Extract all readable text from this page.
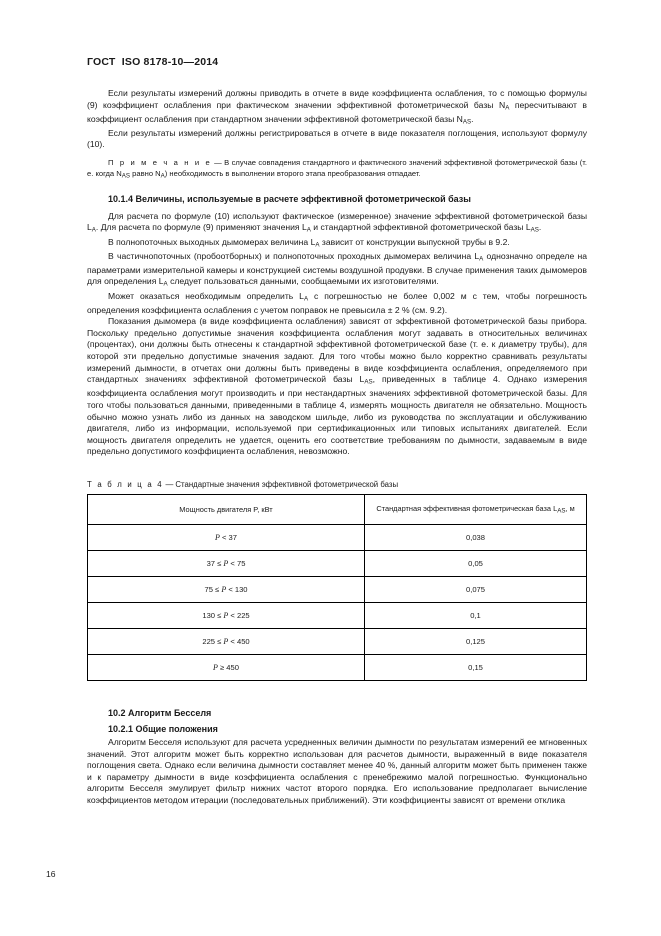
ГОСТ  ISO 8178-10—2014

Если результаты измерений должны приводить в отчете в виде коэффициента ослабления, то с помощью формулы (9) коэффициент ослабления при фактическом значении эффективной фотометрической базы $N_A$ пересчитывают в коэффициент ослабления при стандартном значении эффективной фотометрической базы $N_{AS}$.

Если результаты измерений должны регистрироваться в отчете в виде показателя поглощения, используют формулу (10).

П р и м е ч а н и е — В случае совпадения стандартного и фактического значений эффективной фотометрической базы (т. е. когда $N_{AS}$ равно $N_A$) необходимость в выполнении второго этапа преобразования отпадает.

10.1.4 Величины, используемые в расчете эффективной фотометрической базы

Для расчета по формуле (10) используют фактическое (измеренное) значение эффективной фотометрической базы $L_A$. Для расчета по формуле (9) применяют значения $L_A$ и стандартной эффективной фотометрической базы $L_{AS}$.

В полнопоточных выходных дымомерах величина $L_A$ зависит от конструкции выпускной трубы в 9.2.

В частичнопоточных (пробоотборных) и полнопоточных проходных дымомерах величина $L_A$ однозначно определе на параметрами измерительной камеры и конструкцией системы воздушной продувки. В случае применения таких дымомеров для определения $L_A$ следует пользоваться данными, сообщаемыми их изготовителями.

Может оказаться необходимым определить $L_A$ с погрешностью не более 0,002 м с тем, чтобы погрешность определения коэффициента ослабления с учетом поправок не превысила ± 2 % (см. 9.2).

Показания дымомера (в виде коэффициента ослабления) зависят от эффективной фотометрической базы прибора. Поскольку предельно допустимые значения коэффициента ослабления могут задавать в относительных величинах (процентах), они должны быть отнесены к стандартной эффективной фотометрической базе (т. е. к диаметру трубы), для которой эти предельно допустимые значения задают. Для того чтобы можно было корректно сравнивать результаты измерений дымности, в отчетах они должны быть приведены в виде коэффициента ослабления, определяемого при стандартных значениях эффективной фотометрической базы $L_{AS}$, приведенных в таблице 4. Однако измерения коэффициента ослабления могут производить и при нестандартных значениях эффективной фотометрической базы. Для того чтобы пользоваться данными, приведенными в таблице 4, измерять мощность двигателя не обязательно. Мощность обычно можно узнать либо из данных на заводском шильде, либо из руководства по эксплуатации и обслуживанию двигателя, либо из информации, используемой при сертификационных или типовых испытаниях двигателей. Если мощность двигателя определить не удается, оценить его соответствие требованиям по дымности, задаваемым в виде предельно допустимого коэффициента ослабления, невозможно.

Т а б л и ц а 4 — Стандартные значения эффективной фотометрической базы
Мощность двигателя P, кВт	Стандартная эффективная фотометрическая база $L_{AS}$, м
P < 37	0,038
37 ≤ P < 75	0,05
75 ≤ P < 130	0,075
130 ≤ P < 225	0,1
225 ≤ P < 450	0,125
P ≥ 450	0,15
10.2 Алгоритм Бесселя
10.2.1 Общие положения

Алгоритм Бесселя используют для расчета усредненных величин дымности по результатам измерений ее мгновенных значений. Этот алгоритм может быть корректно использован для расчетов дымности, выраженный в виде показателя поглощения света. Однако если величина дымности составляет менее 40 %, данный алгоритм может быть применен также и к параметру дымности в виде коэффициента ослабления с пренебрежимо малой погрешностью. Функционально алгоритм Бесселя эмулирует фильтр нижних частот второго порядка. Его использование предполагает вычисление коэффициентов методом итерации (последовательных приближений). Эти коэффициенты зависят от времени отклика

16
